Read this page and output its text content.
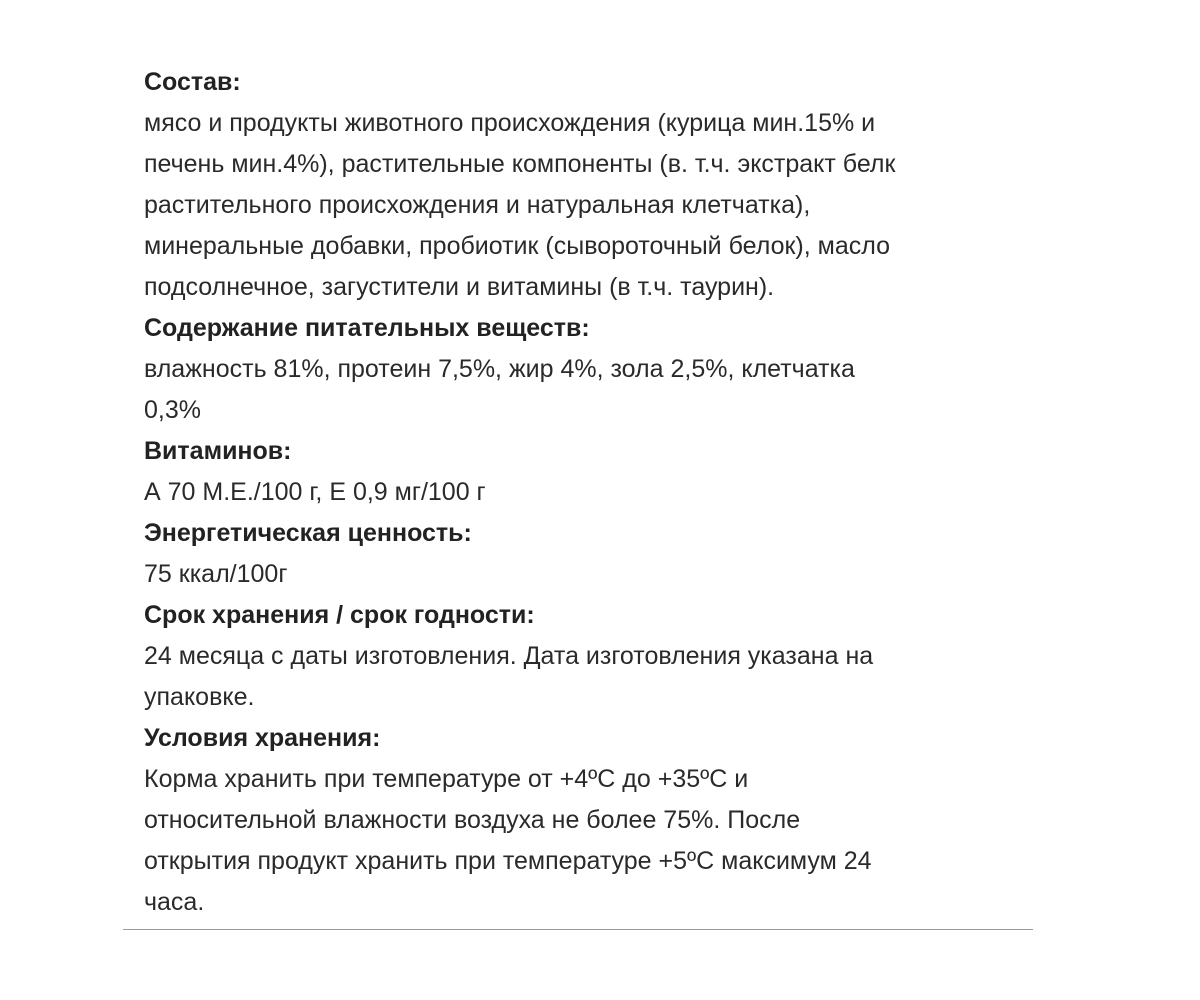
Состав:
мясо и продукты животного происхождения (курица мин.15% и
печень мин.4%), растительные компоненты (в. т.ч. экстракт белк
растительного происхождения и натуральная клетчатка),
минеральные добавки, пробиотик (сывороточный белок), масло
подсолнечное, загустители и витамины (в т.ч. таурин).
Содержание питательных веществ:
влажность 81%, протеин 7,5%, жир 4%, зола 2,5%, клетчатка
0,3%
Витаминов:
А 70 М.Е./100 г, Е 0,9 мг/100 г
Энергетическая ценность:
75 ккал/100г
Срок хранения / срок годности:
24 месяца с даты изготовления. Дата изготовления указана на
упаковке.
Условия хранения:
Корма хранить при температуре от +4ºС до +35ºС и
относительной влажности воздуха не более 75%. После
открытия продукт хранить при температуре +5ºС максимум 24
часа.
